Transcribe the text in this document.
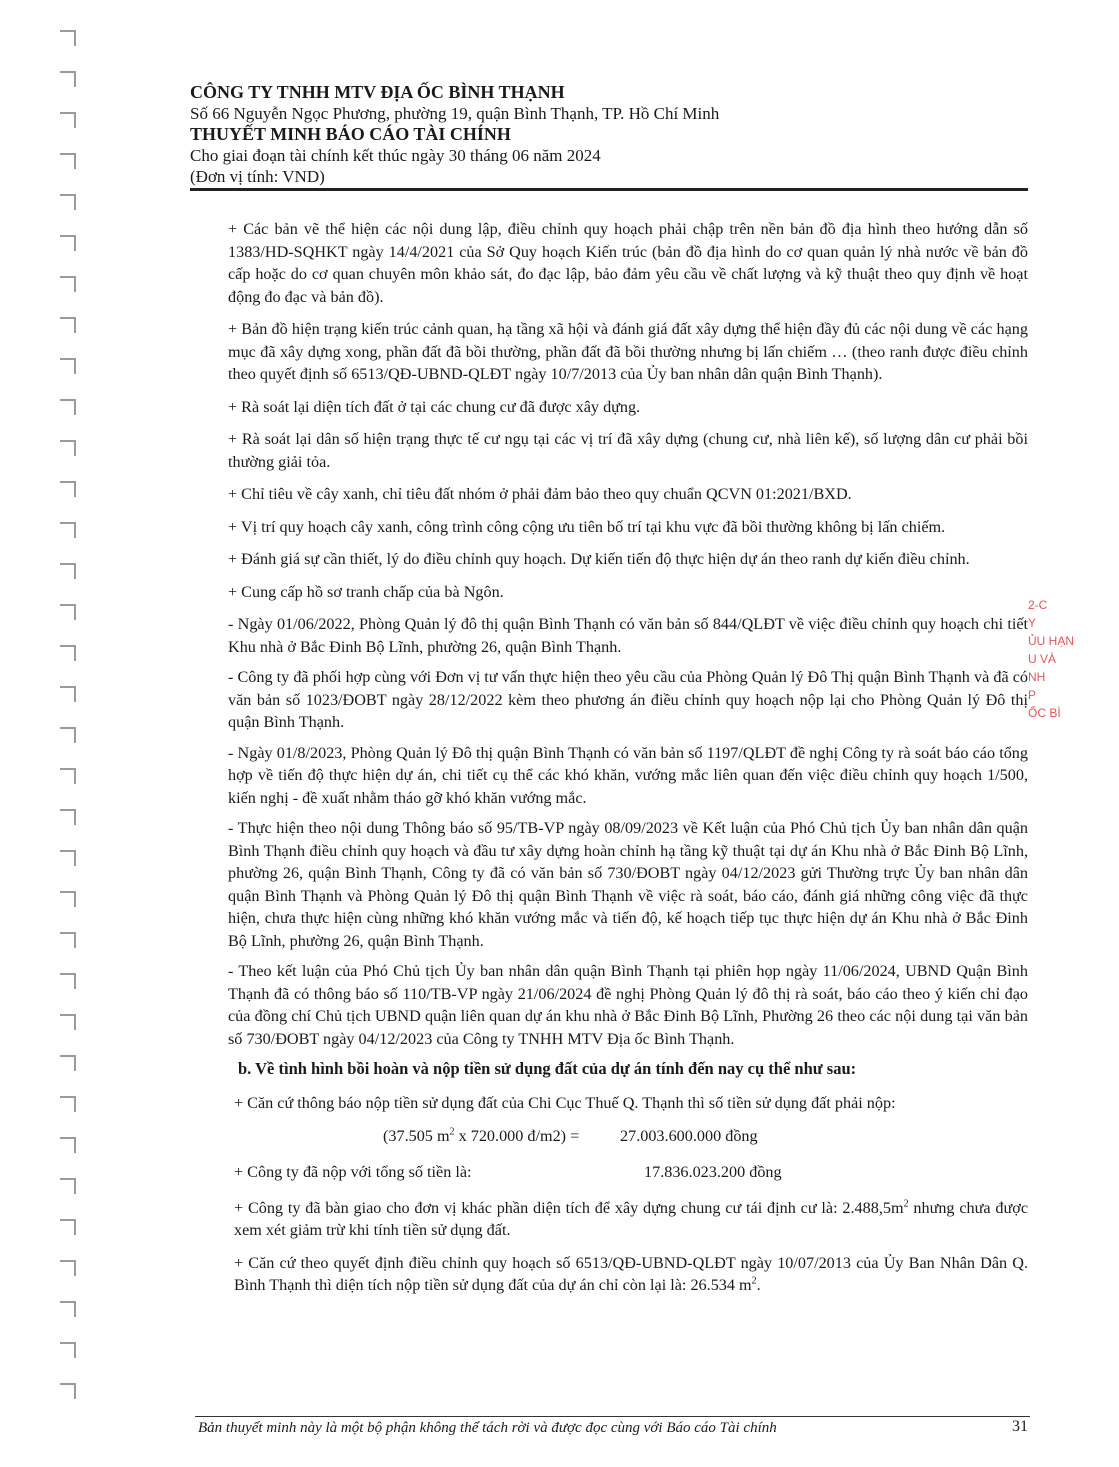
CÔNG TY TNHH MTV ĐỊA ỐC BÌNH THẠNH
Số 66 Nguyễn Ngọc Phương, phường 19, quận Bình Thạnh, TP. Hồ Chí Minh
THUYẾT MINH BÁO CÁO TÀI CHÍNH
Cho giai đoạn tài chính kết thúc ngày 30 tháng 06 năm 2024
(Đơn vị tính: VND)

+ Các bản vẽ thể hiện các nội dung lập, điều chỉnh quy hoạch phải chập trên nền bản đồ địa hình theo hướng dẫn số 1383/HD-SQHKT ngày 14/4/2021 của Sở Quy hoạch Kiến trúc (bản đồ địa hình do cơ quan quản lý nhà nước về bản đồ cấp hoặc do cơ quan chuyên môn khảo sát, đo đạc lập, bảo đảm yêu cầu về chất lượng và kỹ thuật theo quy định về hoạt động đo đạc và bản đồ).

+ Bản đồ hiện trạng kiến trúc cảnh quan, hạ tầng xã hội và đánh giá đất xây dựng thể hiện đầy đủ các nội dung về các hạng mục đã xây dựng xong, phần đất đã bồi thường, phần đất đã bồi thường nhưng bị lấn chiếm … (theo ranh được điều chỉnh theo quyết định số 6513/QĐ-UBND-QLĐT ngày 10/7/2013 của Ủy ban nhân dân quận Bình Thạnh).

+ Rà soát lại diện tích đất ở tại các chung cư đã được xây dựng.

+ Rà soát lại dân số hiện trạng thực tế cư ngụ tại các vị trí đã xây dựng (chung cư, nhà liên kế), số lượng dân cư phải bồi thường giải tỏa.

+ Chỉ tiêu về cây xanh, chỉ tiêu đất nhóm ở phải đảm bảo theo quy chuẩn QCVN 01:2021/BXD.

+ Vị trí quy hoạch cây xanh, công trình công cộng ưu tiên bố trí tại khu vực đã bồi thường không bị lấn chiếm.

+ Đánh giá sự cần thiết, lý do điều chỉnh quy hoạch. Dự kiến tiến độ thực hiện dự án theo ranh dự kiến điều chỉnh.

+ Cung cấp hồ sơ tranh chấp của bà Ngôn.

- Ngày 01/06/2022, Phòng Quản lý đô thị quận Bình Thạnh có văn bản số 844/QLĐT về việc điều chỉnh quy hoạch chi tiết Khu nhà ở Bắc Đinh Bộ Lĩnh, phường 26, quận Bình Thạnh.

- Công ty đã phối hợp cùng với Đơn vị tư vấn thực hiện theo yêu cầu của Phòng Quản lý Đô Thị quận Bình Thạnh và đã có văn bản số 1023/ĐOBT ngày 28/12/2022 kèm theo phương án điều chỉnh quy hoạch nộp lại cho Phòng Quản lý Đô thị quận Bình Thạnh.

- Ngày 01/8/2023, Phòng Quản lý Đô thị quận Bình Thạnh có văn bản số 1197/QLĐT đề nghị Công ty rà soát báo cáo tổng hợp về tiến độ thực hiện dự án, chi tiết cụ thể các khó khăn, vướng mắc liên quan đến việc điều chỉnh quy hoạch 1/500, kiến nghị - đề xuất nhằm tháo gỡ khó khăn vướng mắc.

- Thực hiện theo nội dung Thông báo số 95/TB-VP ngày 08/09/2023 về Kết luận của Phó Chủ tịch Ủy ban nhân dân quận Bình Thạnh điều chỉnh quy hoạch và đầu tư xây dựng hoàn chỉnh hạ tầng kỹ thuật tại dự án Khu nhà ở Bắc Đinh Bộ Lĩnh, phường 26, quận Bình Thạnh, Công ty đã có văn bản số 730/ĐOBT ngày 04/12/2023 gửi Thường trực Ủy ban nhân dân quận Bình Thạnh và Phòng Quản lý Đô thị quận Bình Thạnh về việc rà soát, báo cáo, đánh giá những công việc đã thực hiện, chưa thực hiện cùng những khó khăn vướng mắc và tiến độ, kế hoạch tiếp tục thực hiện dự án Khu nhà ở Bắc Đinh Bộ Lĩnh, phường 26, quận Bình Thạnh.

- Theo kết luận của Phó Chủ tịch Ủy ban nhân dân quận Bình Thạnh tại phiên họp ngày 11/06/2024, UBND Quận Bình Thạnh đã có thông báo số 110/TB-VP ngày 21/06/2024 đề nghị Phòng Quản lý đô thị rà soát, báo cáo theo ý kiến chỉ đạo của đồng chí Chủ tịch UBND quận liên quan dự án khu nhà ở Bắc Đinh Bộ Lĩnh, Phường 26 theo các nội dung tại văn bản số 730/ĐOBT ngày 04/12/2023 của Công ty TNHH MTV Địa ốc Bình Thạnh.

b. Về tình hình bồi hoàn và nộp tiền sử dụng đất của dự án tính đến nay cụ thể như sau:

+ Căn cứ thông báo nộp tiền sử dụng đất của Chi Cục Thuế Q. Thạnh thì số tiền sử dụng đất phải nộp:

(37.505 $m^2$ x 720.000 đ/m2) =	27.003.600.000 đồng
+ Công ty đã nộp với tổng số tiền là:	17.836.023.200 đồng

+ Công ty đã bàn giao cho đơn vị khác phần diện tích để xây dựng chung cư tái định cư là: $2.488,5m^2$ nhưng chưa được xem xét giảm trừ khi tính tiền sử dụng đất.

+ Căn cứ theo quyết định điều chỉnh quy hoạch số 6513/QĐ-UBND-QLĐT ngày 10/07/2013 của Ủy Ban Nhân Dân Q. Bình Thạnh thì diện tích nộp tiền sử dụng đất của dự án chỉ còn lại là: 26.534 $m^2$.

2-C
Y
ỦU HẠN
U VÀ
NH
P
ỐC BÌ
Bản thuyết minh này là một bộ phận không thể tách rời và được đọc cùng với Báo cáo Tài chính	31
